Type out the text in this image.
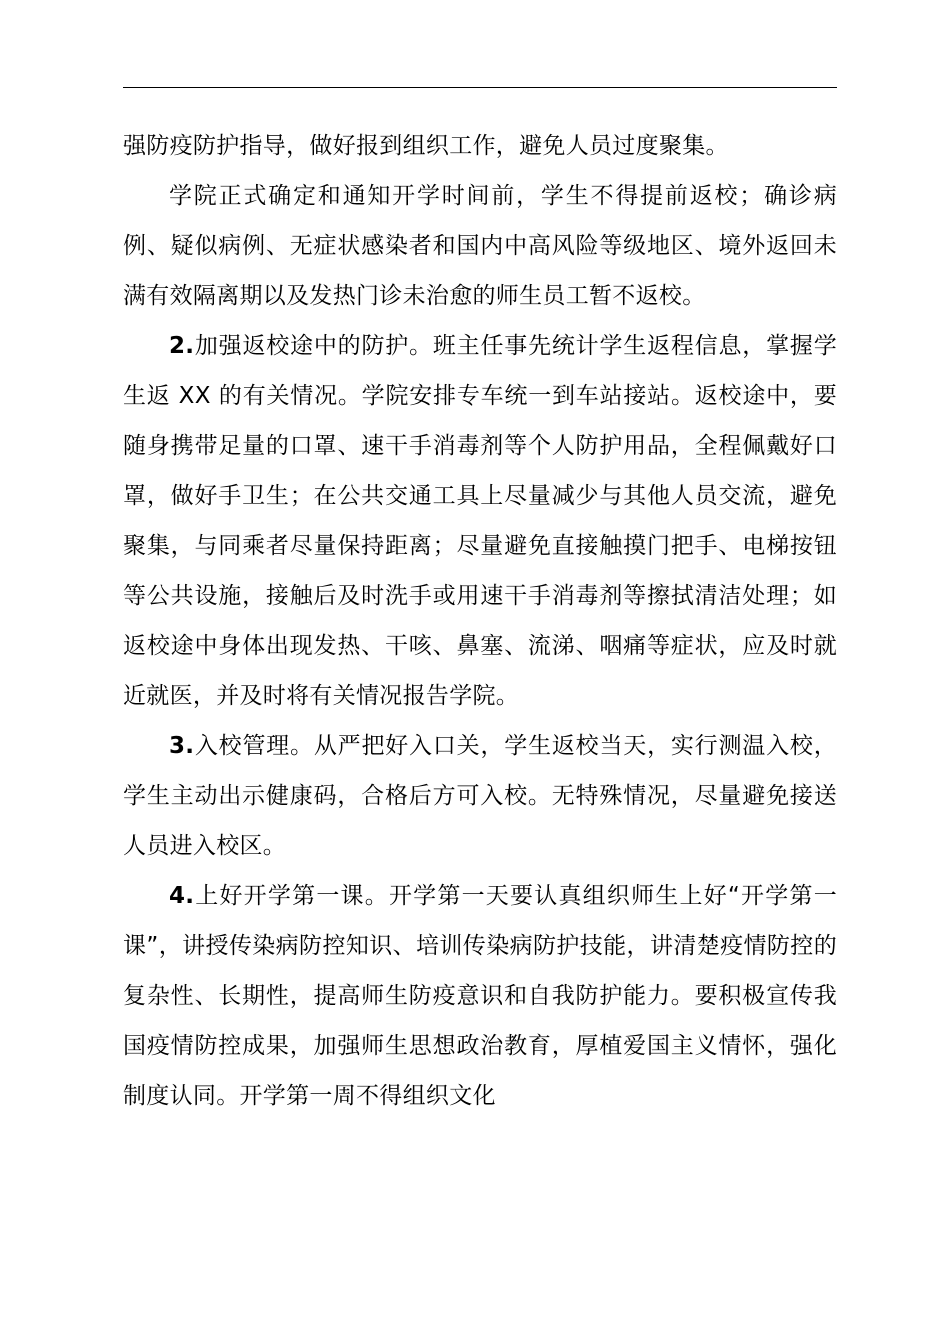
强防疫防护指导，做好报到组织工作，避免人员过度聚集。

学院正式确定和通知开学时间前，学生不得提前返校；确诊病例、疑似病例、无症状感染者和国内中高风险等级地区、境外返回未满有效隔离期以及发热门诊未治愈的师生员工暂不返校。

2.加强返校途中的防护。班主任事先统计学生返程信息，掌握学生返 XX 的有关情况。学院安排专车统一到车站接站。返校途中，要随身携带足量的口罩、速干手消毒剂等个人防护用品，全程佩戴好口罩，做好手卫生；在公共交通工具上尽量减少与其他人员交流，避免聚集，与同乘者尽量保持距离；尽量避免直接触摸门把手、电梯按钮等公共设施，接触后及时洗手或用速干手消毒剂等擦拭清洁处理；如返校途中身体出现发热、干咳、鼻塞、流涕、咽痛等症状，应及时就近就医，并及时将有关情况报告学院。

3.入校管理。从严把好入口关，学生返校当天，实行测温入校，学生主动出示健康码，合格后方可入校。无特殊情况，尽量避免接送人员进入校区。

4.上好开学第一课。开学第一天要认真组织师生上好“开学第一课”，讲授传染病防控知识、培训传染病防护技能，讲清楚疫情防控的复杂性、长期性，提高师生防疫意识和自我防护能力。要积极宣传我国疫情防控成果，加强师生思想政治教育，厚植爱国主义情怀，强化制度认同。开学第一周不得组织文化
